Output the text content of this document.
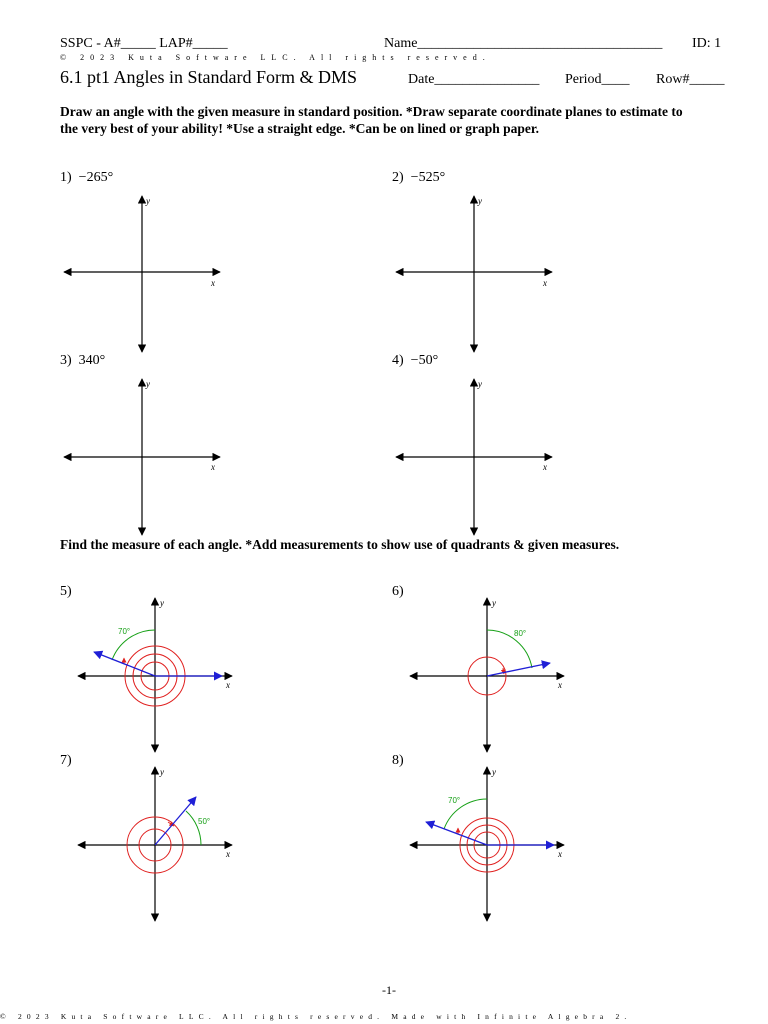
SSPC - A#_____ LAP#_____	Name___________________________________ ID: 1
© 2023 Kuta Software LLC. All rights reserved.
6.1 pt1 Angles in Standard Form & DMS	Date_______________ Period____ Row#_____
Draw an angle with the given measure in standard position. *Draw separate coordinate planes to estimate to the very best of your ability! *Use a straight edge. *Can be on lined or graph paper.
1) −265°	2) −525°
3) 340°	4) −50°
Find the measure of each angle. *Add measurements to show use of quadrants & given measures.
5)	6)
7)	8)
x
y
x
y
x
y
x
y
x
y
70°
x
y
80°
x
y
50°
x
y
70°
-1-
© 2023 Kuta Software LLC. All rights reserved. Made with Infinite Algebra 2.
